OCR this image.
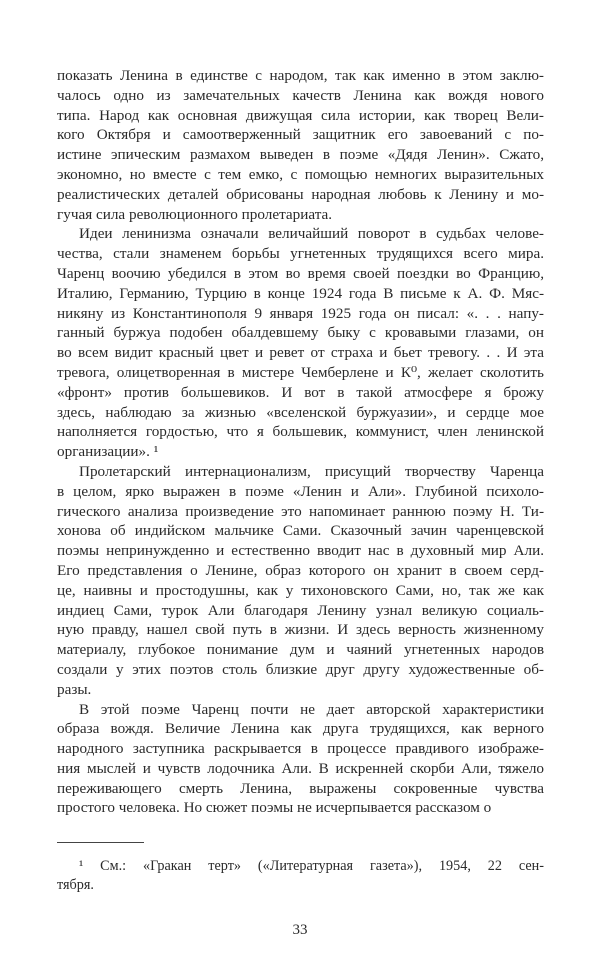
показать Ленина в единстве с народом, так как именно в этом заклю-
чалось одно из замечательных качеств Ленина как вождя нового
типа. Народ как основная движущая сила истории, как творец Вели-
кого Октября и самоотверженный защитник его завоеваний с по-
истине эпическим размахом выведен в поэме «Дядя Ленин». Сжато,
экономно, но вместе с тем емко, с помощью немногих выразительных
реалистических деталей обрисованы народная любовь к Ленину и мо-
гучая сила революционного пролетариата.
Идеи ленинизма означали величайший поворот в судьбах челове-
чества, стали знаменем борьбы угнетенных трудящихся всего мира.
Чаренц воочию убедился в этом во время своей поездки во Францию,
Италию, Германию, Турцию в конце 1924 года В письме к А. Ф. Мяс-
никяну из Константинополя 9 января 1925 года он писал: «. . . напу-
ганный буржуа подобен обалдевшему быку с кровавыми глазами, он
во всем видит красный цвет и ревет от страха и бьет тревогу. . . И эта
тревога, олицетворенная в мистере Чемберлене и К⁰, желает сколотить
«фронт» против большевиков. И вот в такой атмосфере я брожу
здесь, наблюдаю за жизнью «вселенской буржуазии», и сердце мое
наполняется гордостью, что я большевик, коммунист, член ленинской
организации». ¹
Пролетарский интернационализм, присущий творчеству Чаренца
в целом, ярко выражен в поэме «Ленин и Али». Глубиной психоло-
гического анализа произведение это напоминает раннюю поэму Н. Ти-
хонова об индийском мальчике Сами. Сказочный зачин чаренцевской
поэмы непринужденно и естественно вводит нас в духовный мир Али.
Его представления о Ленине, образ которого он хранит в своем серд-
це, наивны и простодушны, как у тихоновского Сами, но, так же как
индиец Сами, турок Али благодаря Ленину узнал великую социаль-
ную правду, нашел свой путь в жизни. И здесь верность жизненному
материалу, глубокое понимание дум и чаяний угнетенных народов
создали у этих поэтов столь близкие друг другу художественные об-
разы.
В этой поэме Чаренц почти не дает авторской характеристики
образа вождя. Величие Ленина как друга трудящихся, как верного
народного заступника раскрывается в процессе правдивого изображе-
ния мыслей и чувств лодочника Али. В искренней скорби Али, тяжело
переживающего смерть Ленина, выражены сокровенные чувства
простого человека. Но сюжет поэмы не исчерпывается рассказом о
¹ См.: «Гракан терт» («Литературная газета»), 1954, 22 сен-
тября.
33
